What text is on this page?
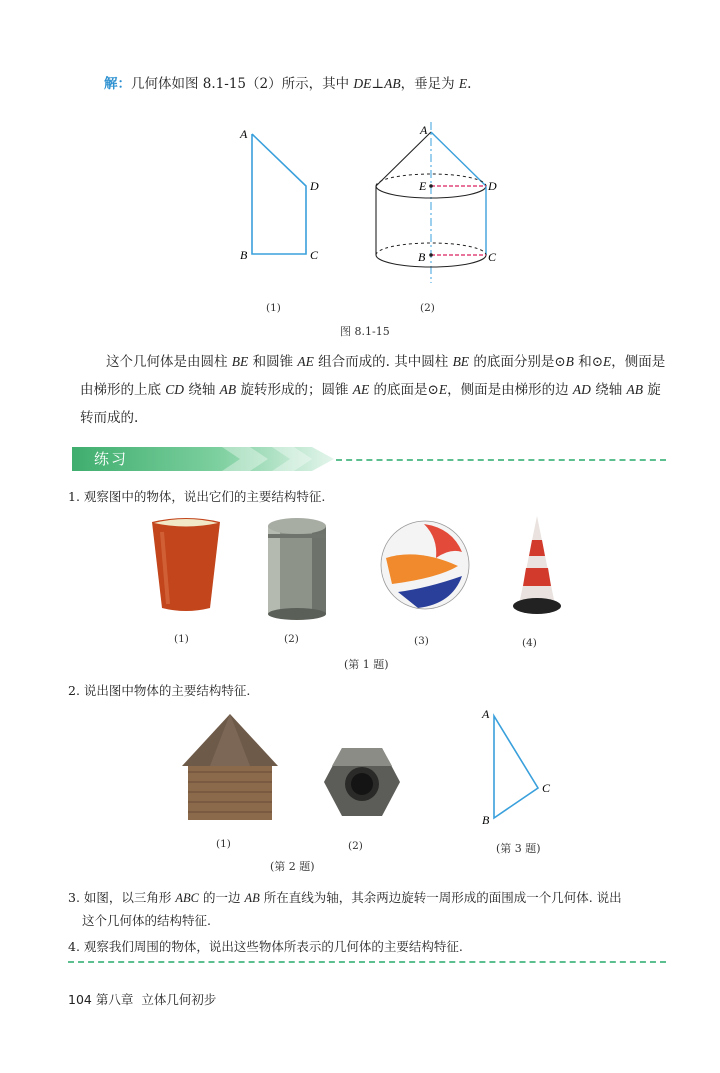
解：几何体如图 8.1-15（2）所示，其中 DE⊥AB，垂足为 E.
A
D
B	C
A
E	D
B	C
(1)	(2)
图 8.1-15
这个几何体是由圆柱 BE 和圆锥 AE 组合而成的. 其中圆柱 BE 的底面分别是⊙B 和⊙E，侧面是由梯形的上底 CD 绕轴 AB 旋转形成的；圆锥 AE 的底面是⊙E，侧面是由梯形的边 AD 绕轴 AB 旋转而成的.
练习
1. 观察图中的物体，说出它们的主要结构特征.
(1)	(2)	(3)	(4)
(第 1 题)
2. 说出图中物体的主要结构特征.
A
C
B
(1)	(2)	(第 3 题)
(第 2 题)
3. 如图，以三角形 ABC 的一边 AB 所在直线为轴，其余两边旋转一周形成的面围成一个几何体. 说出
这个几何体的结构特征.
4. 观察我们周围的物体，说出这些物体所表示的几何体的主要结构特征.
104 第八章 立体几何初步
